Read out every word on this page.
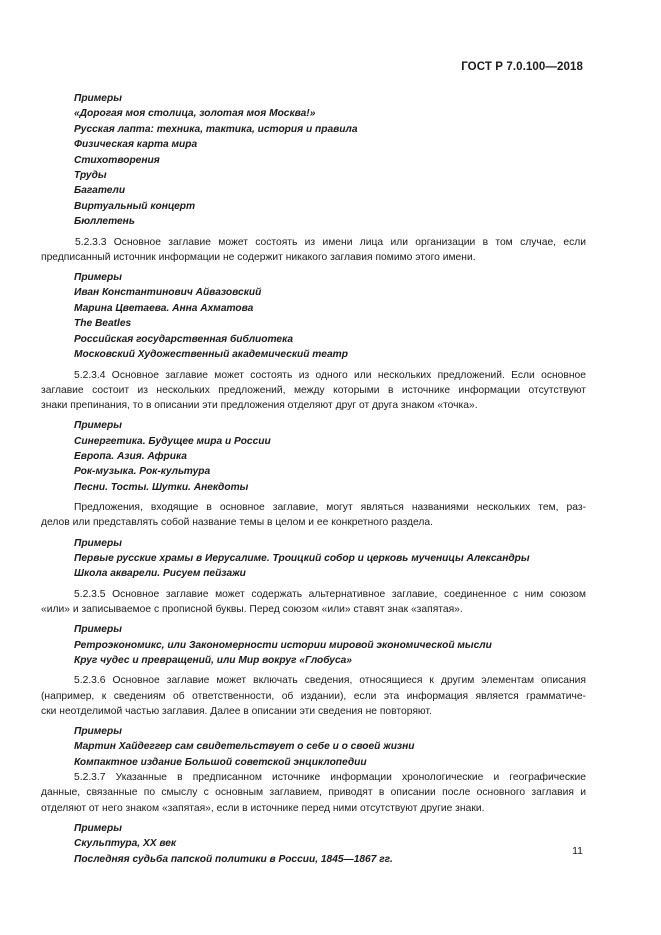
ГОСТ Р 7.0.100—2018
Примеры
«Дорогая моя столица, золотая моя Москва!»
Русская лапта: техника, тактика, история и правила
Физическая карта мира
Стихотворения
Труды
Багатели
Виртуальный концерт
Бюллетень
5.2.3.3 Основное заглавие может состоять из имени лица или организации в том случае, если
предписанный источник информации не содержит никакого заглавия помимо этого имени.
Примеры
Иван Константинович Айвазовский
Марина Цветаева. Анна Ахматова
The Beatles
Российская государственная библиотека
Московский Художественный академический театр
5.2.3.4 Основное заглавие может состоять из одного или нескольких предложений. Если основное
заглавие состоит из нескольких предложений, между которыми в источнике информации отсутствуют
знаки препинания, то в описании эти предложения отделяют друг от друга знаком «точка».
Примеры
Синергетика. Будущее мира и России
Европа. Азия. Африка
Рок-музыка. Рок-культура
Песни. Тосты. Шутки. Анекдоты
Предложения, входящие в основное заглавие, могут являться названиями нескольких тем, раз-
делов или представлять собой название темы в целом и ее конкретного раздела.
Примеры
Первые русские храмы в Иерусалиме. Троицкий собор и церковь мученицы Александры
Школа акварели. Рисуем пейзажи
5.2.3.5 Основное заглавие может содержать альтернативное заглавие, соединенное с ним союзом
«или» и записываемое с прописной буквы. Перед союзом «или» ставят знак «запятая».
Примеры
Ретроэкономикс, или Закономерности истории мировой экономической мысли
Круг чудес и превращений, или Мир вокруг «Глобуса»
5.2.3.6 Основное заглавие может включать сведения, относящиеся к другим элементам описания
(например, к сведениям об ответственности, об издании), если эта информация является грамматиче-
ски неотделимой частью заглавия. Далее в описании эти сведения не повторяют.
Примеры
Мартин Хайдеггер сам свидетельствует о себе и о своей жизни
Компактное издание Большой советской энциклопедии
5.2.3.7 Указанные в предписанном источнике информации хронологические и географические
данные, связанные по смыслу с основным заглавием, приводят в описании после основного заглавия и
отделяют от него знаком «запятая», если в источнике перед ними отсутствуют другие знаки.
Примеры
Скульптура, XX век
Последняя судьба папской политики в России, 1845—1867 гг.
11
